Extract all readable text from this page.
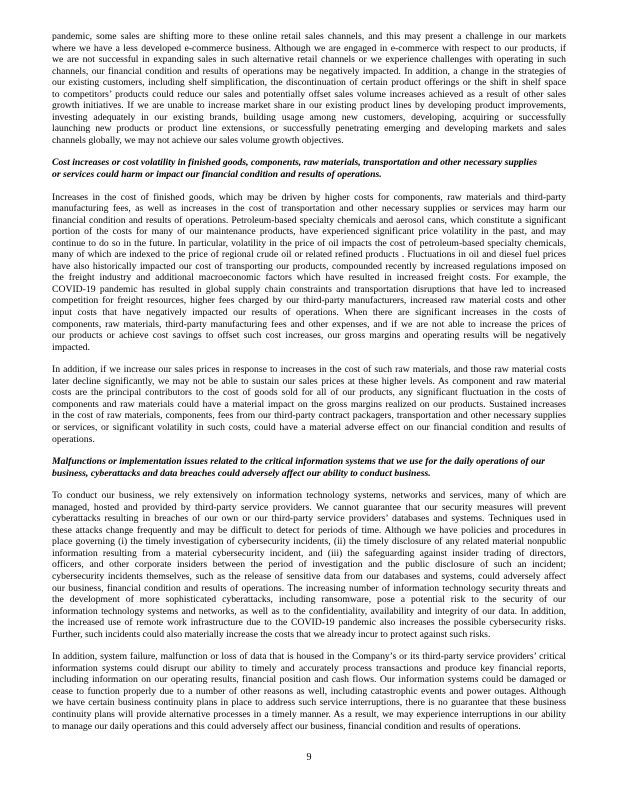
pandemic, some sales are shifting more to these online retail sales channels, and this may present a challenge in our markets
where we have a less developed e-commerce business. Although we are engaged in e-commerce with respect to our products, if
we are not successful in expanding sales in such alternative retail channels or we experience challenges with operating in such
channels, our financial condition and results of operations may be negatively impacted. In addition, a change in the strategies of
our existing customers, including shelf simplification, the discontinuation of certain product offerings or the shift in shelf space
to competitors’ products could reduce our sales and potentially offset sales volume increases achieved as a result of other sales
growth initiatives. If we are unable to increase market share in our existing product lines by developing product improvements,
investing adequately in our existing brands, building usage among new customers, developing, acquiring or successfully
launching new products or product line extensions, or successfully penetrating emerging and developing markets and sales
channels globally, we may not achieve our sales volume growth objectives.
Cost increases or cost volatility in finished goods, components, raw materials, transportation and other necessary supplies
or services could harm or impact our financial condition and results of operations.
Increases in the cost of finished goods, which may be driven by higher costs for components, raw materials and third-party
manufacturing fees, as well as increases in the cost of transportation and other necessary supplies or services may harm our
financial condition and results of operations. Petroleum-based specialty chemicals and aerosol cans, which constitute a significant
portion of the costs for many of our maintenance products, have experienced significant price volatility in the past, and may
continue to do so in the future. In particular, volatility in the price of oil impacts the cost of petroleum-based specialty chemicals,
many of which are indexed to the price of regional crude oil or related refined products . Fluctuations in oil and diesel fuel prices
have also historically impacted our cost of transporting our products, compounded recently by increased regulations imposed on
the freight industry and additional macroeconomic factors which have resulted in increased freight costs. For example, the
COVID-19 pandemic has resulted in global supply chain constraints and transportation disruptions that have led to increased
competition for freight resources, higher fees charged by our third-party manufacturers, increased raw material costs and other
input costs that have negatively impacted our results of operations. When there are significant increases in the costs of
components, raw materials, third-party manufacturing fees and other expenses, and if we are not able to increase the prices of
our products or achieve cost savings to offset such cost increases, our gross margins and operating results will be negatively
impacted.
In addition, if we increase our sales prices in response to increases in the cost of such raw materials, and those raw material costs
later decline significantly, we may not be able to sustain our sales prices at these higher levels. As component and raw material
costs are the principal contributors to the cost of goods sold for all of our products, any significant fluctuation in the costs of
components and raw materials could have a material impact on the gross margins realized on our products. Sustained increases
in the cost of raw materials, components, fees from our third-party contract packagers, transportation and other necessary supplies
or services, or significant volatility in such costs, could have a material adverse effect on our financial condition and results of
operations.
Malfunctions or implementation issues related to the critical information systems that we use for the daily operations of our
business, cyberattacks and data breaches could adversely affect our ability to conduct business.
To conduct our business, we rely extensively on information technology systems, networks and services, many of which are
managed, hosted and provided by third-party service providers. We cannot guarantee that our security measures will prevent
cyberattacks resulting in breaches of our own or our third-party service providers’ databases and systems. Techniques used in
these attacks change frequently and may be difficult to detect for periods of time. Although we have policies and procedures in
place governing (i) the timely investigation of cybersecurity incidents, (ii) the timely disclosure of any related material nonpublic
information resulting from a material cybersecurity incident, and (iii) the safeguarding against insider trading of directors,
officers, and other corporate insiders between the period of investigation and the public disclosure of such an incident;
cybersecurity incidents themselves, such as the release of sensitive data from our databases and systems, could adversely affect
our business, financial condition and results of operations. The increasing number of information technology security threats and
the development of more sophisticated cyberattacks, including ransomware, pose a potential risk to the security of our
information technology systems and networks, as well as to the confidentiality, availability and integrity of our data. In addition,
the increased use of remote work infrastructure due to the COVID-19 pandemic also increases the possible cybersecurity risks.
Further, such incidents could also materially increase the costs that we already incur to protect against such risks.
In addition, system failure, malfunction or loss of data that is housed in the Company’s or its third-party service providers’ critical
information systems could disrupt our ability to timely and accurately process transactions and produce key financial reports,
including information on our operating results, financial position and cash flows. Our information systems could be damaged or
cease to function properly due to a number of other reasons as well, including catastrophic events and power outages. Although
we have certain business continuity plans in place to address such service interruptions, there is no guarantee that these business
continuity plans will provide alternative processes in a timely manner. As a result, we may experience interruptions in our ability
to manage our daily operations and this could adversely affect our business, financial condition and results of operations.
9
